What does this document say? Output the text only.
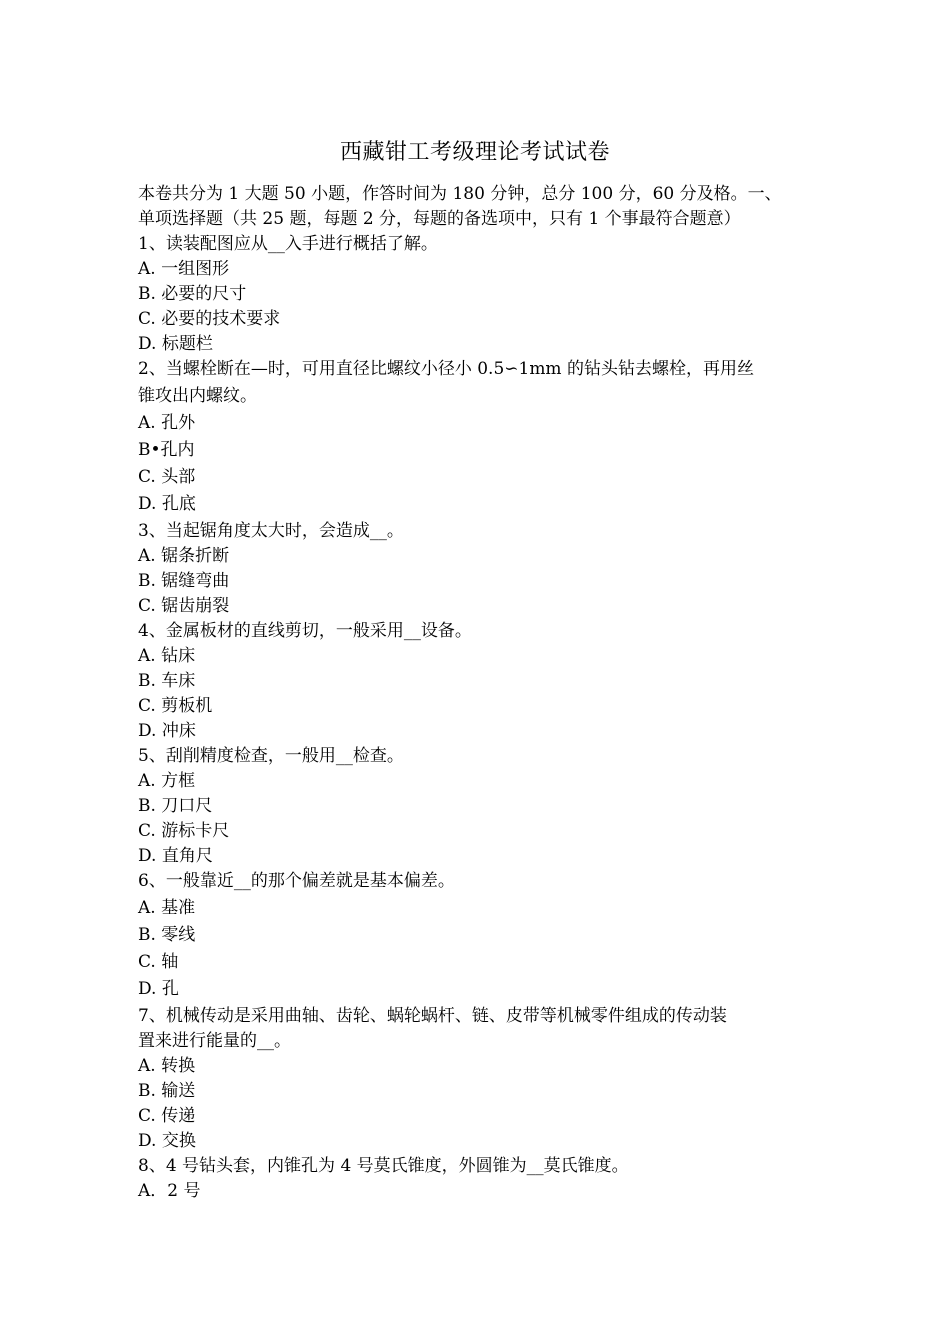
西藏钳工考级理论考试试卷
本卷共分为 1 大题 50 小题，作答时间为 180 分钟，总分 100 分，60 分及格。一、
单项选择题（共 25 题，每题 2 分，每题的备选项中，只有 1 个事最符合题意）
1、读装配图应从__入手进行概括了解。
A. 一组图形
B. 必要的尺寸
C. 必要的技术要求
D. 标题栏
2、当螺栓断在—时，可用直径比螺纹小径小 0.5∽1mm 的钻头钻去螺栓，再用丝
锥攻出内螺纹。
A. 孔外
B•孔内
C. 头部
D. 孔底
3、当起锯角度太大时，会造成__。
A. 锯条折断
B. 锯缝弯曲
C. 锯齿崩裂
4、金属板材的直线剪切，一般采用__设备。
A. 钻床
B. 车床
C. 剪板机
D. 冲床
5、刮削精度检查，一般用__检查。
A. 方框
B. 刀口尺
C. 游标卡尺
D. 直角尺
6、一般靠近__的那个偏差就是基本偏差。
A. 基准
B. 零线
C. 轴
D. 孔
7、机械传动是采用曲轴、齿轮、蜗轮蜗杆、链、皮带等机械零件组成的传动装
置来进行能量的__。
A. 转换
B. 输送
C. 传递
D. 交换
8、4 号钻头套，内锥孔为 4 号莫氏锥度，外圆锥为__莫氏锥度。
A．2 号
